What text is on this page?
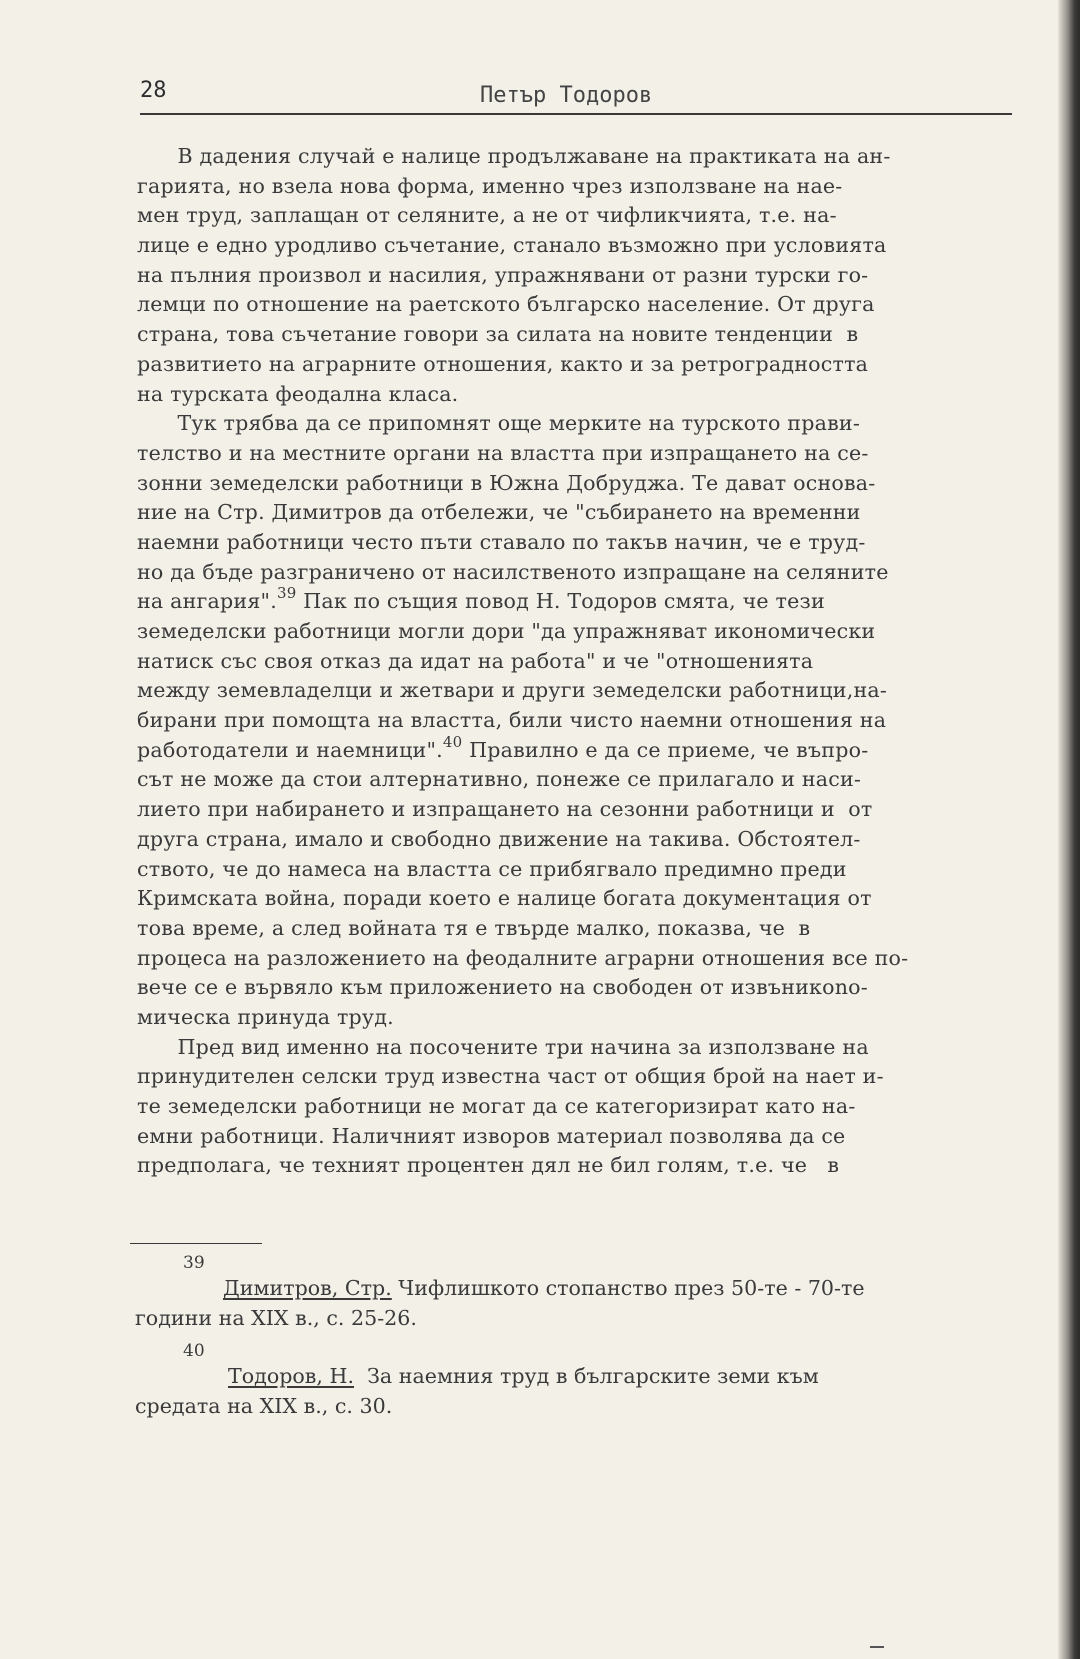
28	Петър Тодоров
В дадения случай е налице продължаване на практиката на ан-
гарията, но взела нова форма, именно чрез използване на нае-
мен труд, заплащан от селяните, а не от чифликчията, т.е. на-
лице е едно уродливо съчетание, станало възможно при условията
на пълния произвол и насилия, упражнявани от разни турски го-
лемци по отношение на раетското българско население. От друга
страна, това съчетание говори за силата на новите тенденции  в
развитието на аграрните отношения, както и за ретроградността
на турската феодална класа.
Тук трябва да се припомнят още мерките на турското прави-
телство и на местните органи на властта при изпращането на се-
зонни земеделски работници в Южна Добруджа. Те дават основа-
ние на Стр. Димитров да отбележи, че "събирането на временни
наемни работници често пъти ставало по такъв начин, че е труд-
но да бъде разграничено от насилственото изпращане на селяните
на ангария".$^{39}$ Пак по същия повод Н. Тодоров смята, че тези
земеделски работници могли дори "да упражняват икономически
натиск със своя отказ да идат на работа" и че "отношенията
между земевладелци и жетвари и други земеделски работници,на-
бирани при помощта на властта, били чисто наемни отношения на
работодатели и наемници".$^{40}$ Правилно е да се приеме, че въпро-
сът не може да стои алтернативно, понеже се прилагало и наси-
лието при набирането и изпращането на сезонни работници и  от
друга страна, имало и свободно движение на такива. Обстоятел-
ството, че до намеса на властта се прибягвало предимно преди
Кримската война, поради което е налице богата документация от
това време, а след войната тя е твърде малко, показва, че  в
процеса на разложението на феодалните аграрни отношения все по-
вече се е вървяло към приложението на свободен от извъникono-
мическа принуда труд.
Пред вид именно на посочените три начина за използване на
принудителен селски труд известна част от общия брой на нает и-
те земеделски работници не могат да се категоризират като на-
емни работници. Наличният изворов материал позволява да се
предполага, че техният процентен дял не бил голям, т.е. че   в
39
Димитров, Стр. Чифлишкото стопанство през 50-те - 70-те
години на XIX в., с. 25-26.
40
Тодоров, Н.  За наемния труд в българските земи към
средата на XIX в., с. 30.
